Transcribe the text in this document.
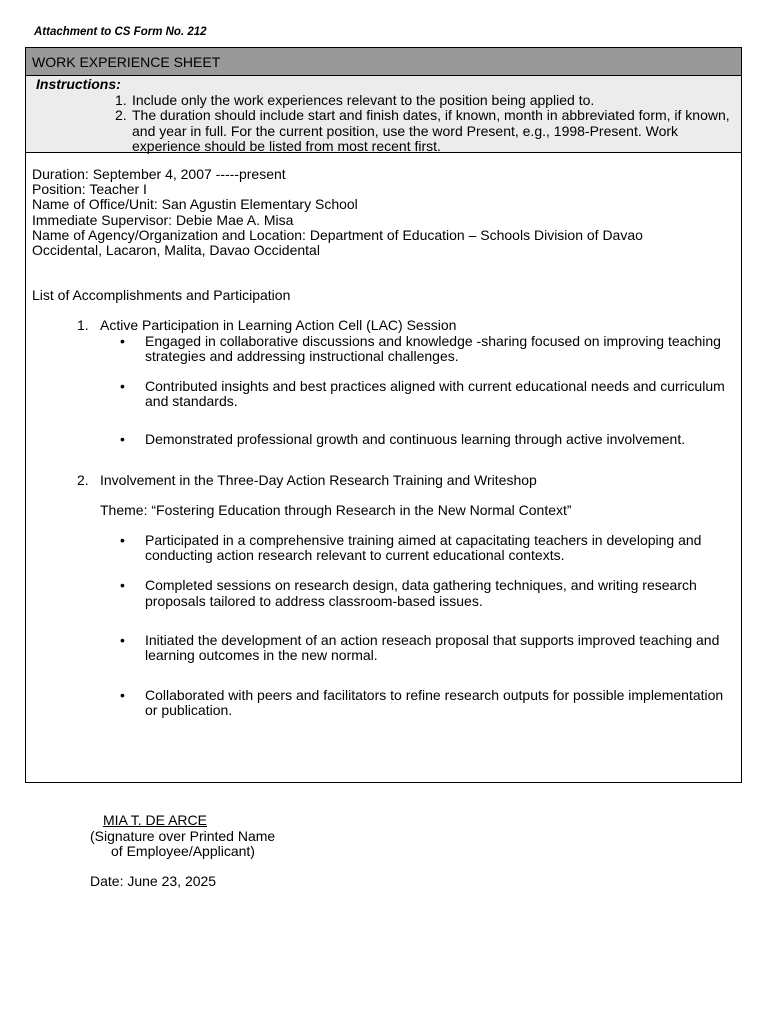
Attachment to CS Form No. 212
WORK EXPERIENCE SHEET
Instructions:
1. Include only the work experiences relevant to the position being applied to.
2. The duration should include start and finish dates, if known, month in abbreviated form, if known, and year in full. For the current position, use the word Present, e.g., 1998-Present. Work experience should be listed from most recent first.
Duration: September 4, 2007 -----present
Position: Teacher I
Name of Office/Unit: San Agustin Elementary School
Immediate Supervisor: Debie Mae A. Misa
Name of Agency/Organization and Location: Department of Education – Schools Division of Davao Occidental, Lacaron, Malita, Davao Occidental
List of Accomplishments and Participation
1. Active Participation in Learning Action Cell (LAC) Session
• Engaged in collaborative discussions and knowledge -sharing focused on improving teaching strategies and addressing instructional challenges.
• Contributed insights and best practices aligned with current educational needs and curriculum and standards.
• Demonstrated professional growth and continuous learning through active involvement.
2. Involvement in the Three-Day Action Research Training and Writeshop
Theme: “Fostering Education through Research in the New Normal Context”
• Participated in a comprehensive training aimed at capacitating teachers in developing and conducting action research relevant to current educational contexts.
• Completed sessions on research design, data gathering techniques, and writing research proposals tailored to address classroom-based issues.
• Initiated the development of an action reseach proposal that supports improved teaching and learning outcomes in the new normal.
• Collaborated with peers and facilitators to refine research outputs for possible implementation or publication.
MIA T. DE ARCE
(Signature over Printed Name
of Employee/Applicant)
Date: June 23, 2025
